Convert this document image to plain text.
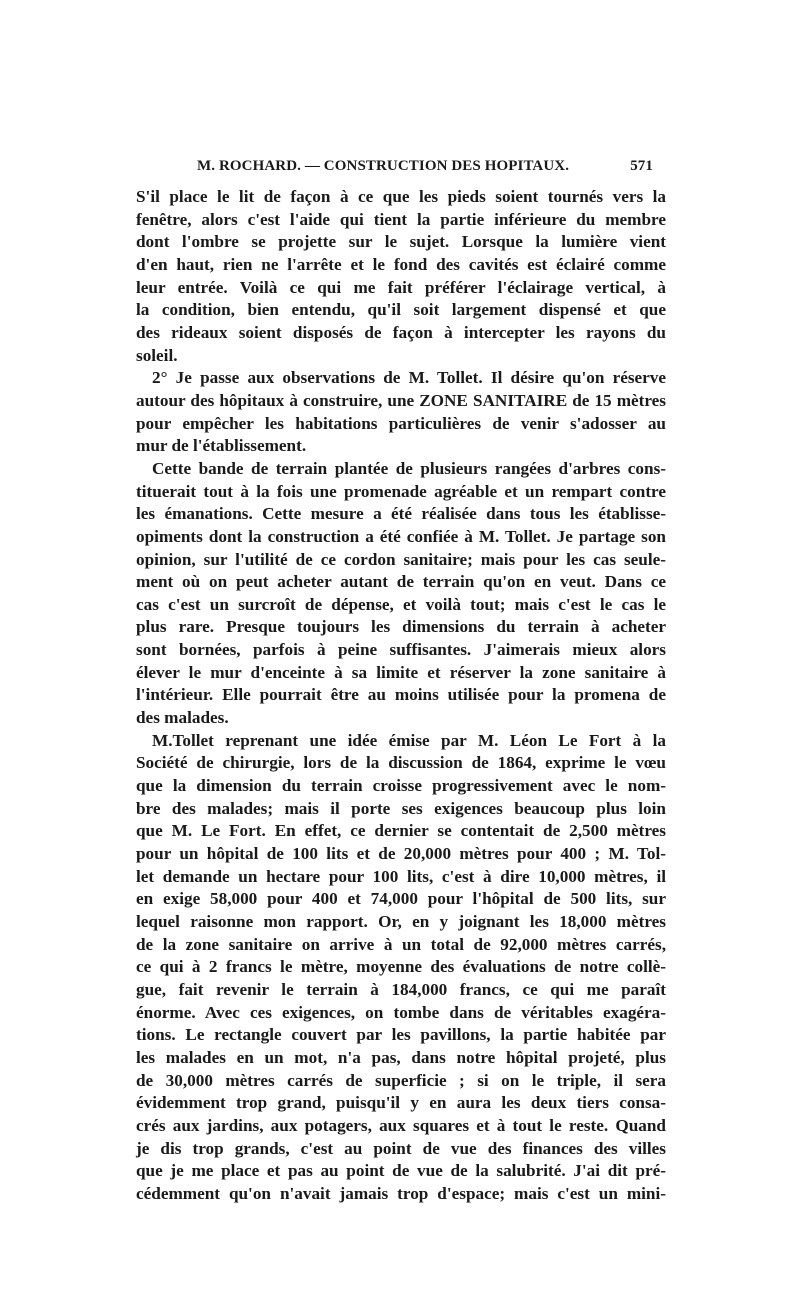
M. ROCHARD. — CONSTRUCTION DES HOPITAUX.	571
S'il place le lit de façon à ce que les pieds soient tournés vers la
fenêtre, alors c'est l'aide qui tient la partie inférieure du membre
dont l'ombre se projette sur le sujet. Lorsque la lumière vient
d'en haut, rien ne l'arrête et le fond des cavités est éclairé comme
leur entrée. Voilà ce qui me fait préférer l'éclairage vertical, à
la condition, bien entendu, qu'il soit largement dispensé et que
des rideaux soient disposés de façon à intercepter les rayons du
soleil.
2° Je passe aux observations de M. Tollet. Il désire qu'on réserve
autour des hôpitaux à construire, une ZONE SANITAIRE de 15 mètres
pour empêcher les habitations particulières de venir s'adosser au
mur de l'établissement.
Cette bande de terrain plantée de plusieurs rangées d'arbres cons-
tituerait tout à la fois une promenade agréable et un rempart contre
les émanations. Cette mesure a été réalisée dans tous les établisse-
opiments dont la construction a été confiée à M. Tollet. Je partage son
opinion, sur l'utilité de ce cordon sanitaire; mais pour les cas seule-
ment où on peut acheter autant de terrain qu'on en veut. Dans ce
cas c'est un surcroît de dépense, et voilà tout; mais c'est le cas le
plus rare. Presque toujours les dimensions du terrain à acheter
sont bornées, parfois à peine suffisantes. J'aimerais mieux alors
élever le mur d'enceinte à sa limite et réserver la zone sanitaire à
l'intérieur. Elle pourrait être au moins utilisée pour la promena de
des malades.
M.Tollet reprenant une idée émise par M. Léon Le Fort à la
Société de chirurgie, lors de la discussion de 1864, exprime le vœu
que la dimension du terrain croisse progressivement avec le nom-
bre des malades; mais il porte ses exigences beaucoup plus loin
que M. Le Fort. En effet, ce dernier se contentait de 2,500 mètres
pour un hôpital de 100 lits et de 20,000 mètres pour 400 ; M. Tol-
let demande un hectare pour 100 lits, c'est à dire 10,000 mètres, il
en exige 58,000 pour 400 et 74,000 pour l'hôpital de 500 lits, sur
lequel raisonne mon rapport. Or, en y joignant les 18,000 mètres
de la zone sanitaire on arrive à un total de 92,000 mètres carrés,
ce qui à 2 francs le mètre, moyenne des évaluations de notre collè-
gue, fait revenir le terrain à 184,000 francs, ce qui me paraît
énorme. Avec ces exigences, on tombe dans de véritables exagéra-
tions. Le rectangle couvert par les pavillons, la partie habitée par
les malades en un mot, n'a pas, dans notre hôpital projeté, plus
de 30,000 mètres carrés de superficie ; si on le triple, il sera
évidemment trop grand, puisqu'il y en aura les deux tiers consa-
crés aux jardins, aux potagers, aux squares et à tout le reste. Quand
je dis trop grands, c'est au point de vue des finances des villes
que je me place et pas au point de vue de la salubrité. J'ai dit pré-
cédemment qu'on n'avait jamais trop d'espace; mais c'est un mini-
